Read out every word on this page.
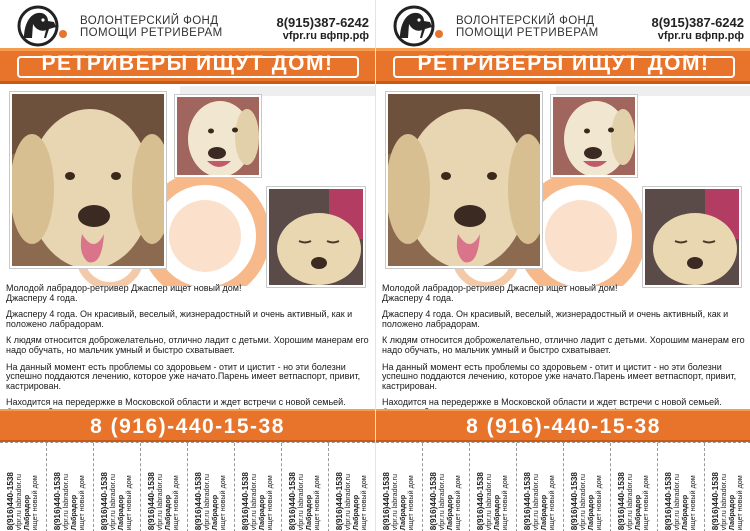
ВОЛОНТЕРСКИЙ ФОНД
ПОМОЩИ РЕТРИВЕРАМ
8(915)387-6242
vfpr.ru вфпр.рф
РЕТРИВЕРЫ ИЩУТ ДОМ!

Молодой лабрадор-ретривер Джаспер ищет новый дом!
Джасперу 4 года.

Джасперу 4 года. Он красивый, веселый, жизнерадостный и очень активный, как и положено лабрадорам.

К людям относится доброжелательно, отлично ладит с детьми. Хорошим манерам его надо обучать, но мальчик умный и быстро схватывает.

На данный момент есть проблемы со здоровьем - отит и цистит - но эти болезни успешно поддаются лечению, которое уже начато.Парень имеет ветпаспорт, привит, кастрирован.

Находится на передержке в Московской области и ждет встречи с новой семьей.

8 (916)-440-15-38
8(916)440-1538 vfpr.ru labrador.ru Лабрадор ищет новый дом 8(916)440-1538 vfpr.ru labrador.ru Лабрадор ищет новый дом 8(916)440-1538 vfpr.ru labrador.ru Лабрадор ищет новый дом 8(916)440-1538 vfpr.ru labrador.ru Лабрадор ищет новый дом 8(916)440-1538 vfpr.ru labrador.ru Лабрадор ищет новый дом 8(916)440-1538 vfpr.ru labrador.ru Лабрадор ищет новый дом 8(916)440-1538 vfpr.ru labrador.ru Лабрадор ищет новый дом 8(916)440-1538 vfpr.ru labrador.ru Лабрадор ищет новый дом
ВОЛОНТЕРСКИЙ ФОНД
ПОМОЩИ РЕТРИВЕРАМ
8(915)387-6242
vfpr.ru вфпр.рф
РЕТРИВЕРЫ ИЩУТ ДОМ!

Молодой лабрадор-ретривер Джаспер ищет новый дом!
Джасперу 4 года.

Джасперу 4 года. Он красивый, веселый, жизнерадостный и очень активный, как и положено лабрадорам.

К людям относится доброжелательно, отлично ладит с детьми. Хорошим манерам его надо обучать, но мальчик умный и быстро схватывает.

На данный момент есть проблемы со здоровьем - отит и цистит - но эти болезни успешно поддаются лечению, которое уже начато.Парень имеет ветпаспорт, привит, кастрирован.

Находится на передержке в Московской области и ждет встречи с новой семьей.

8 (916)-440-15-38
8(916)440-1538 vfpr.ru labrador.ru Лабрадор ищет новый дом 8(916)440-1538 vfpr.ru labrador.ru Лабрадор ищет новый дом 8(916)440-1538 vfpr.ru labrador.ru Лабрадор ищет новый дом 8(916)440-1538 vfpr.ru labrador.ru Лабрадор ищет новый дом 8(916)440-1538 vfpr.ru labrador.ru Лабрадор ищет новый дом 8(916)440-1538 vfpr.ru labrador.ru Лабрадор ищет новый дом 8(916)440-1538 vfpr.ru labrador.ru Лабрадор ищет новый дом 8(916)440-1538 vfpr.ru labrador.ru Лабрадор ищет новый дом
